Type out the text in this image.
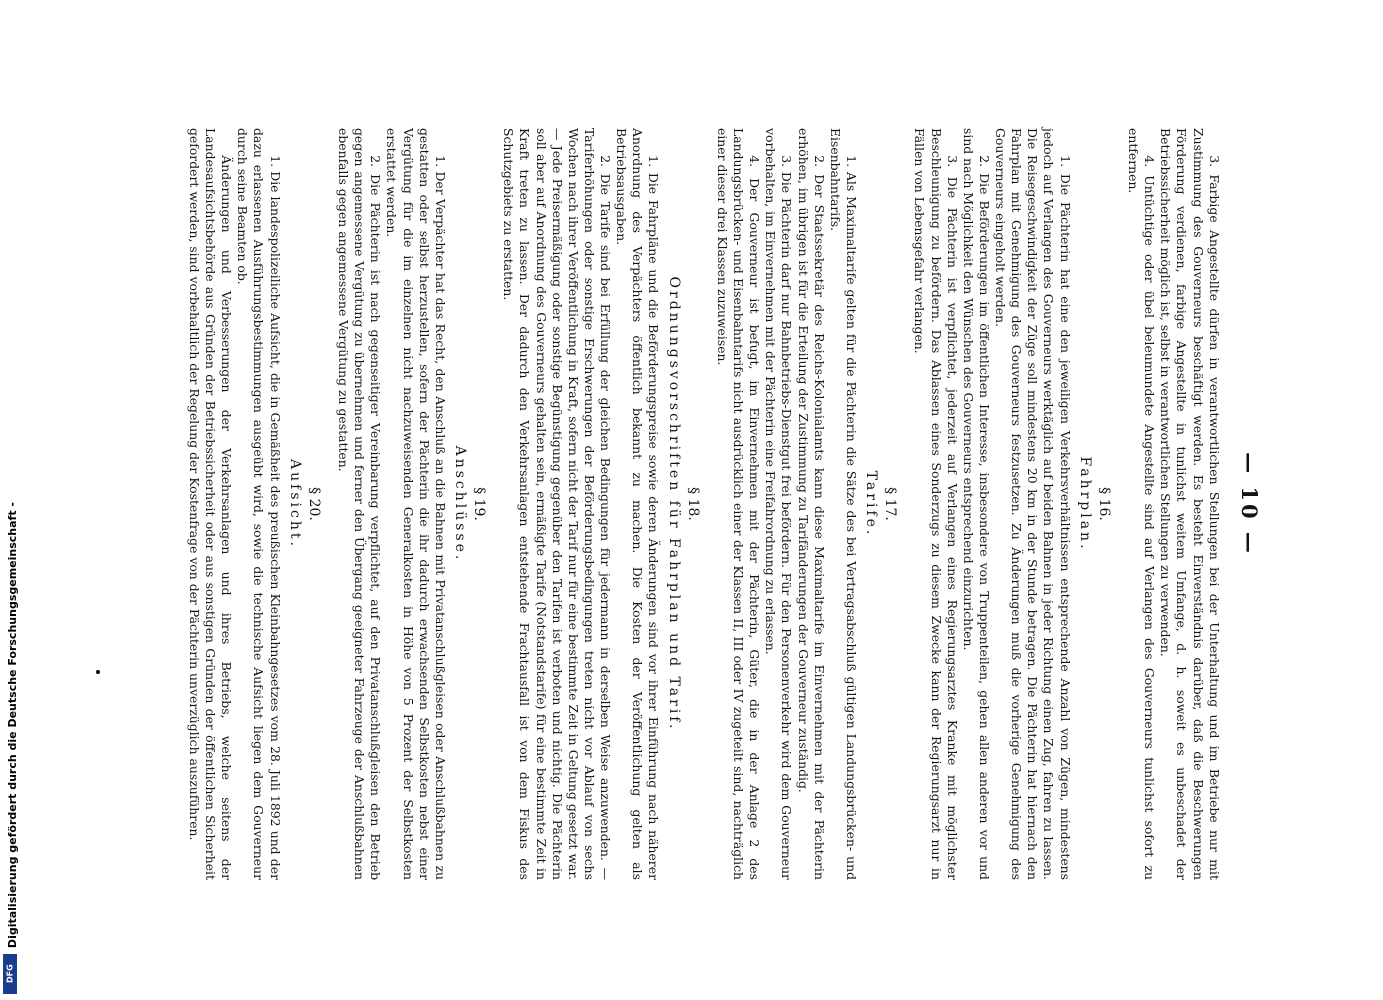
— 10 —

3. Farbige Angestellte dürfen in verantwortlichen Stellungen bei der Unterhaltung und im Betriebe nur mit Zustimmung des Gouverneurs beschäftigt werden. Es besteht Einverständnis darüber, daß die Beschwerungen Förderung verdienen, farbige Angestellte in tunlichst weitem Umfange, d. h. soweit es unbeschadet der Betriebssicherheit möglich ist, selbst in verantwortlichen Stellungen zu verwenden.

4. Untüchtige oder übel beleumundete Angestellte sind auf Verlangen des Gouverneurs tunlichst sofort zu entfernen.

§ 16.
Fahrplan.

1. Die Pächterin hat eine den jeweiligen Verkehrsverhältnissen entsprechende Anzahl von Zügen, mindestens jedoch auf Verlangen des Gouverneurs werktäglich auf beiden Bahnen in jeder Richtung einen Zug, fahren zu lassen. Die Reisegeschwindigkeit der Züge soll mindestens 20 km in der Stunde betragen. Die Pächterin hat hiernach den Fahrplan mit Genehmigung des Gouverneurs festzusetzen. Zu Änderungen muß die vorherige Genehmigung des Gouverneurs eingeholt werden.

2. Die Beförderungen im öffentlichen Interesse, insbesondere von Truppenteilen, gehen allen anderen vor und sind nach Möglichkeit den Wünschen des Gouverneurs entsprechend einzurichten.

3. Die Pächterin ist verpflichtet, jederzeit auf Verlangen eines Regierungsarztes Kranke mit möglichster Beschleunigung zu befördern. Das Ablassen eines Sonderzugs zu diesem Zwecke kann der Regierungsarzt nur in Fällen von Lebensgefahr verlangen.

§ 17.
Tarife.

1. Als Maximaltarife gelten für die Pächterin die Sätze des bei Vertragsabschluß gültigen Landungsbrücken- und Eisenbahntarifs.

2. Der Staatssekretär des Reichs-Kolonialamts kann diese Maximaltarife im Einvernehmen mit der Pächterin erhöhen, im übrigen ist für die Erteilung der Zustimmung zu Tarifänderungen der Gouverneur zuständig.

3. Die Pächterin darf nur Bahnbetriebs-Dienstgut frei befördern. Für den Personenverkehr wird dem Gouverneur vorbehalten, im Einvernehmen mit der Pächterin eine Freifahrordnung zu erlassen.

4. Der Gouverneur ist befugt, im Einvernehmen mit der Pächterin, Güter, die in der Anlage 2 des Landungsbrücken- und Eisenbahntarifs nicht ausdrücklich einer der Klassen II, III oder IV zugeteilt sind, nachträglich einer dieser drei Klassen zuzuweisen.

§ 18.
Ordnungsvorschriften für Fahrplan und Tarif.

1. Die Fahrpläne und die Beförderungspreise sowie deren Änderungen sind vor ihrer Einführung nach näherer Anordnung des Verpächters öffentlich bekannt zu machen. Die Kosten der Veröffentlichung gelten als Betriebsausgaben.

2. Die Tarife sind bei Erfüllung der gleichen Bedingungen für jedermann in derselben Weise anzuwenden. — Tariferhöhungen oder sonstige Erschwerungen der Beförderungsbedingungen treten nicht vor Ablauf von sechs Wochen nach ihrer Veröffentlichung in Kraft, sofern nicht der Tarif nur für eine bestimmte Zeit in Geltung gesetzt war. — Jede Preisermäßigung oder sonstige Begünstigung gegenüber den Tarifen ist verboten und nichtig. Die Pächterin soll aber auf Anordnung des Gouverneurs gehalten sein, ermäßigte Tarife (Notstandstarife) für eine bestimmte Zeit in Kraft treten zu lassen. Der dadurch den Verkehrsanlagen entstehende Frachtausfall ist von dem Fiskus des Schutzgebiets zu erstatten.

§ 19.
Anschlüsse.

1. Der Verpächter hat das Recht, den Anschluß an die Bahnen mit Privatanschlußgleisen oder Anschlußbahnen zu gestatten oder selbst herzustellen, sofern der Pächterin die ihr dadurch erwachsenden Selbstkosten nebst einer Vergütung für die im einzelnen nicht nachzuweisenden Generalkosten in Höhe von 5 Prozent der Selbstkosten erstattet werden.

2. Die Pächterin ist nach gegenseitiger Vereinbarung verpflichtet, auf den Privatanschlußgleisen den Betrieb gegen angemessene Vergütung zu übernehmen und ferner den Übergang geeigneter Fahrzeuge der Anschlußbahnen ebenfalls gegen angemessene Vergütung zu gestatten.

§ 20.
Aufsicht.

1. Die landespolizeiliche Aufsicht, die in Gemäßheit des preußischen Kleinbahngesetzes vom 28. Juli 1892 und der dazu erlassenen Ausführungsbestimmungen ausgeübt wird, sowie die technische Aufsicht liegen dem Gouverneur durch seine Beamten ob.

Änderungen und Verbesserungen der Verkehrsanlagen und ihres Betriebs, welche seitens der Landesaufsichtsbehörde aus Gründen der Betriebssicherheit oder aus sonstigen Gründen der öffentlichen Sicherheit gefordert werden, sind vorbehaltlich der Regelung der Kostenfrage von der Pächterin unverzüglich auszuführen.

DFG
Digitalisierung gefördert durch die Deutsche Forschungsgemeinschaft -
